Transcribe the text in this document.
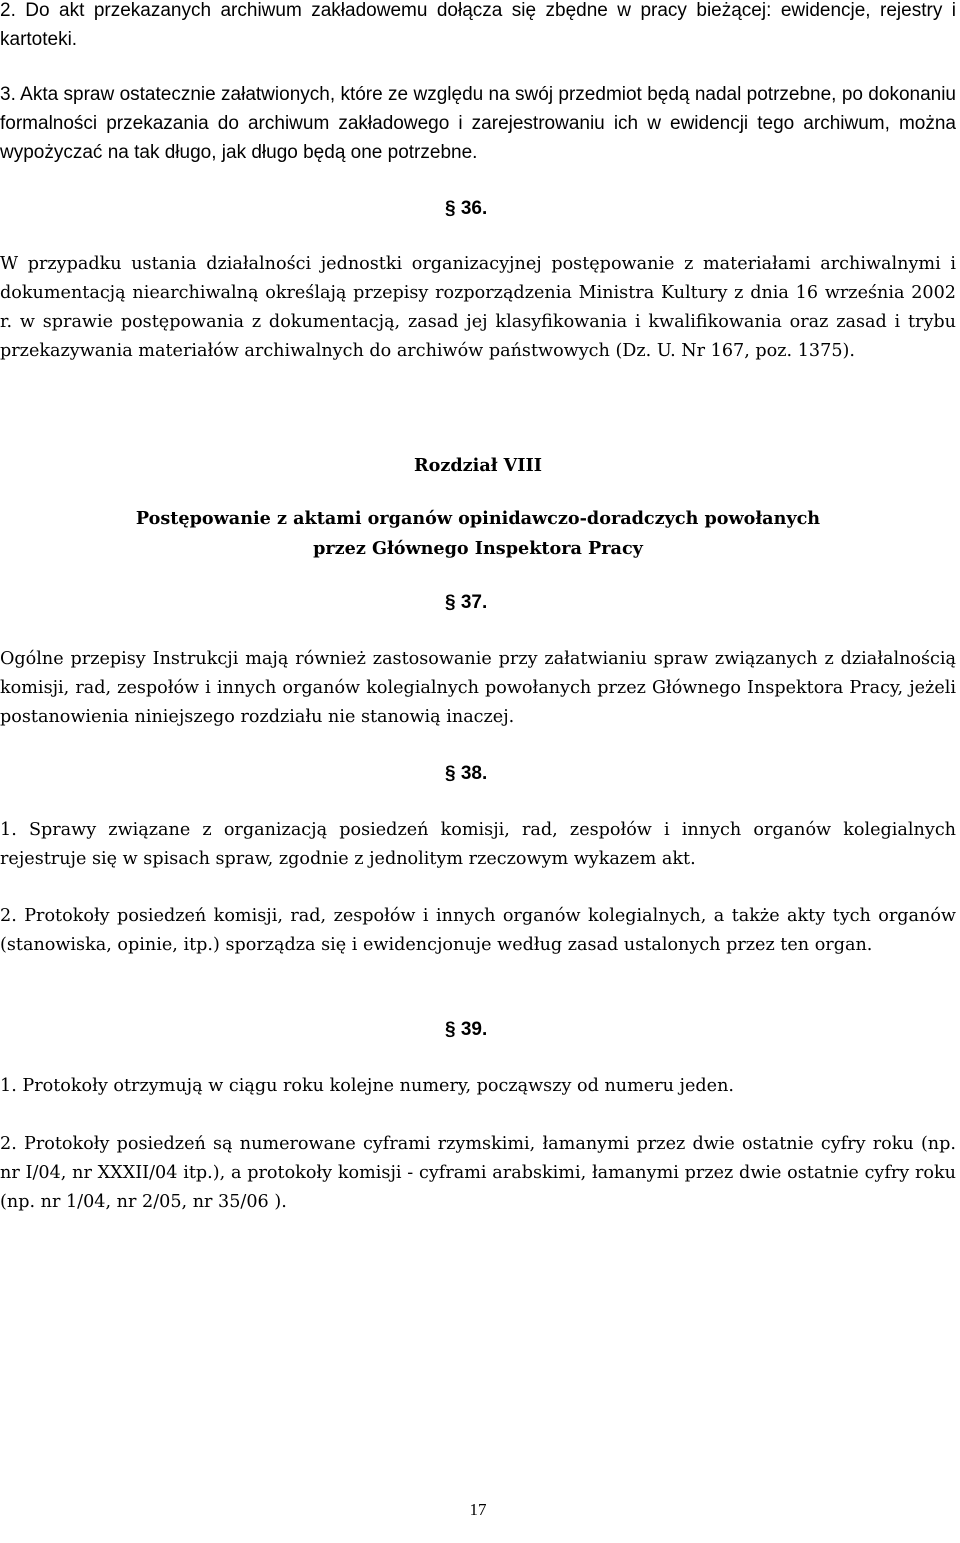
2. Do akt przekazanych archiwum zakładowemu dołącza się zbędne w pracy bieżącej: ewidencje, rejestry i kartoteki.

3. Akta spraw ostatecznie załatwionych, które ze względu na swój przedmiot będą nadal potrzebne, po dokonaniu formalności przekazania do archiwum zakładowego i zarejestrowaniu ich w ewidencji tego archiwum, można wypożyczać na tak długo, jak długo będą one potrzebne.

§ 36.

W przypadku ustania działalności jednostki organizacyjnej postępowanie z materiałami archiwalnymi i dokumentacją niearchiwalną określają przepisy rozporządzenia Ministra Kultury z dnia 16 września 2002 r. w sprawie postępowania z dokumentacją, zasad jej klasyfikowania i kwalifikowania oraz zasad i trybu przekazywania materiałów archiwalnych do archiwów państwowych (Dz. U. Nr 167, poz. 1375).

Rozdział VIII
Postępowanie z aktami organów opinidawczo-doradczych powołanych
przez Głównego Inspektora Pracy
§ 37.

Ogólne przepisy Instrukcji mają również zastosowanie przy załatwianiu spraw związanych z działalnością komisji, rad, zespołów i innych organów kolegialnych powołanych przez Głównego Inspektora Pracy, jeżeli postanowienia niniejszego rozdziału nie stanowią inaczej.

§ 38.

1. Sprawy związane z organizacją posiedzeń komisji, rad, zespołów i innych organów kolegialnych rejestruje się w spisach spraw, zgodnie z jednolitym rzeczowym wykazem akt.

2. Protokoły posiedzeń komisji, rad, zespołów i innych organów kolegialnych, a także akty tych organów (stanowiska, opinie, itp.) sporządza się i ewidencjonuje według zasad ustalonych przez ten organ.

§ 39.

1. Protokoły otrzymują w ciągu roku kolejne numery, począwszy od numeru jeden.

2. Protokoły posiedzeń są numerowane cyframi rzymskimi, łamanymi przez dwie ostatnie cyfry roku (np. nr I/04, nr XXXII/04 itp.), a protokoły komisji - cyframi arabskimi, łamanymi przez dwie ostatnie cyfry roku (np. nr 1/04, nr 2/05, nr 35/06 ).

17
